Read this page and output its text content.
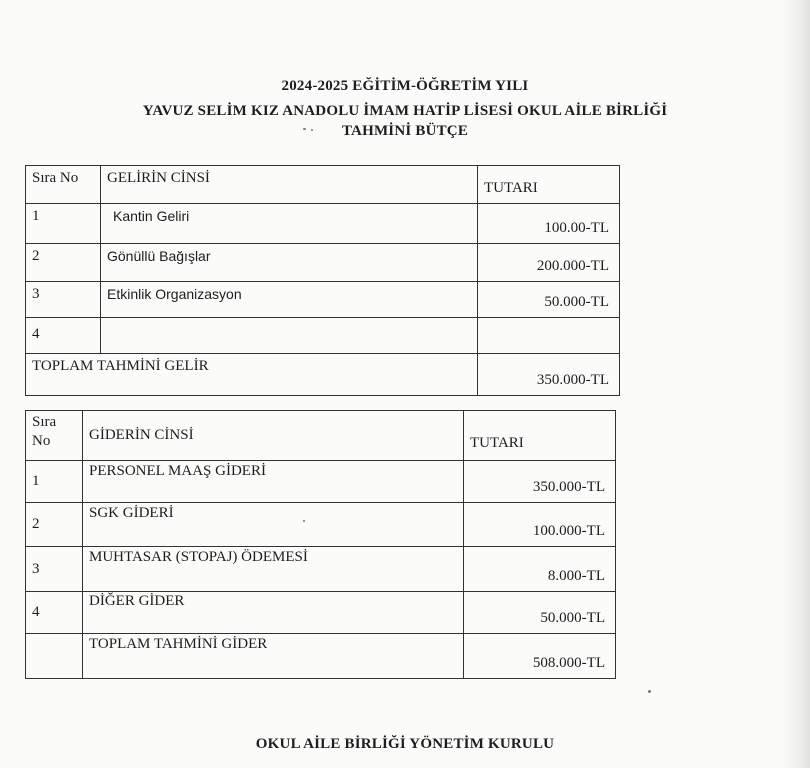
2024-2025 EĞİTİM-ÖĞRETİM YILI
YAVUZ SELİM KIZ ANADOLU İMAM HATİP LİSESİ OKUL AİLE BİRLİĞİ
TAHMİNİ BÜTÇE
Sıra No	GELİRİN CİNSİ	TUTARI
1	Kantin Geliri	100.00-TL
2	Gönüllü Bağışlar	200.000-TL
3	Etkinlik Organizasyon	50.000-TL
4		
TOPLAM TAHMİNİ GELİR		350.000-TL
Sıra No	GİDERİN CİNSİ	TUTARI
1	PERSONEL MAAŞ GİDERİ	350.000-TL
2	SGK GİDERİ	100.000-TL
3	MUHTASAR (STOPAJ) ÖDEMESİ	8.000-TL
4	DİĞER GİDER	50.000-TL
	TOPLAM TAHMİNİ GİDER	508.000-TL
OKUL AİLE BİRLİĞİ YÖNETİM KURULU
